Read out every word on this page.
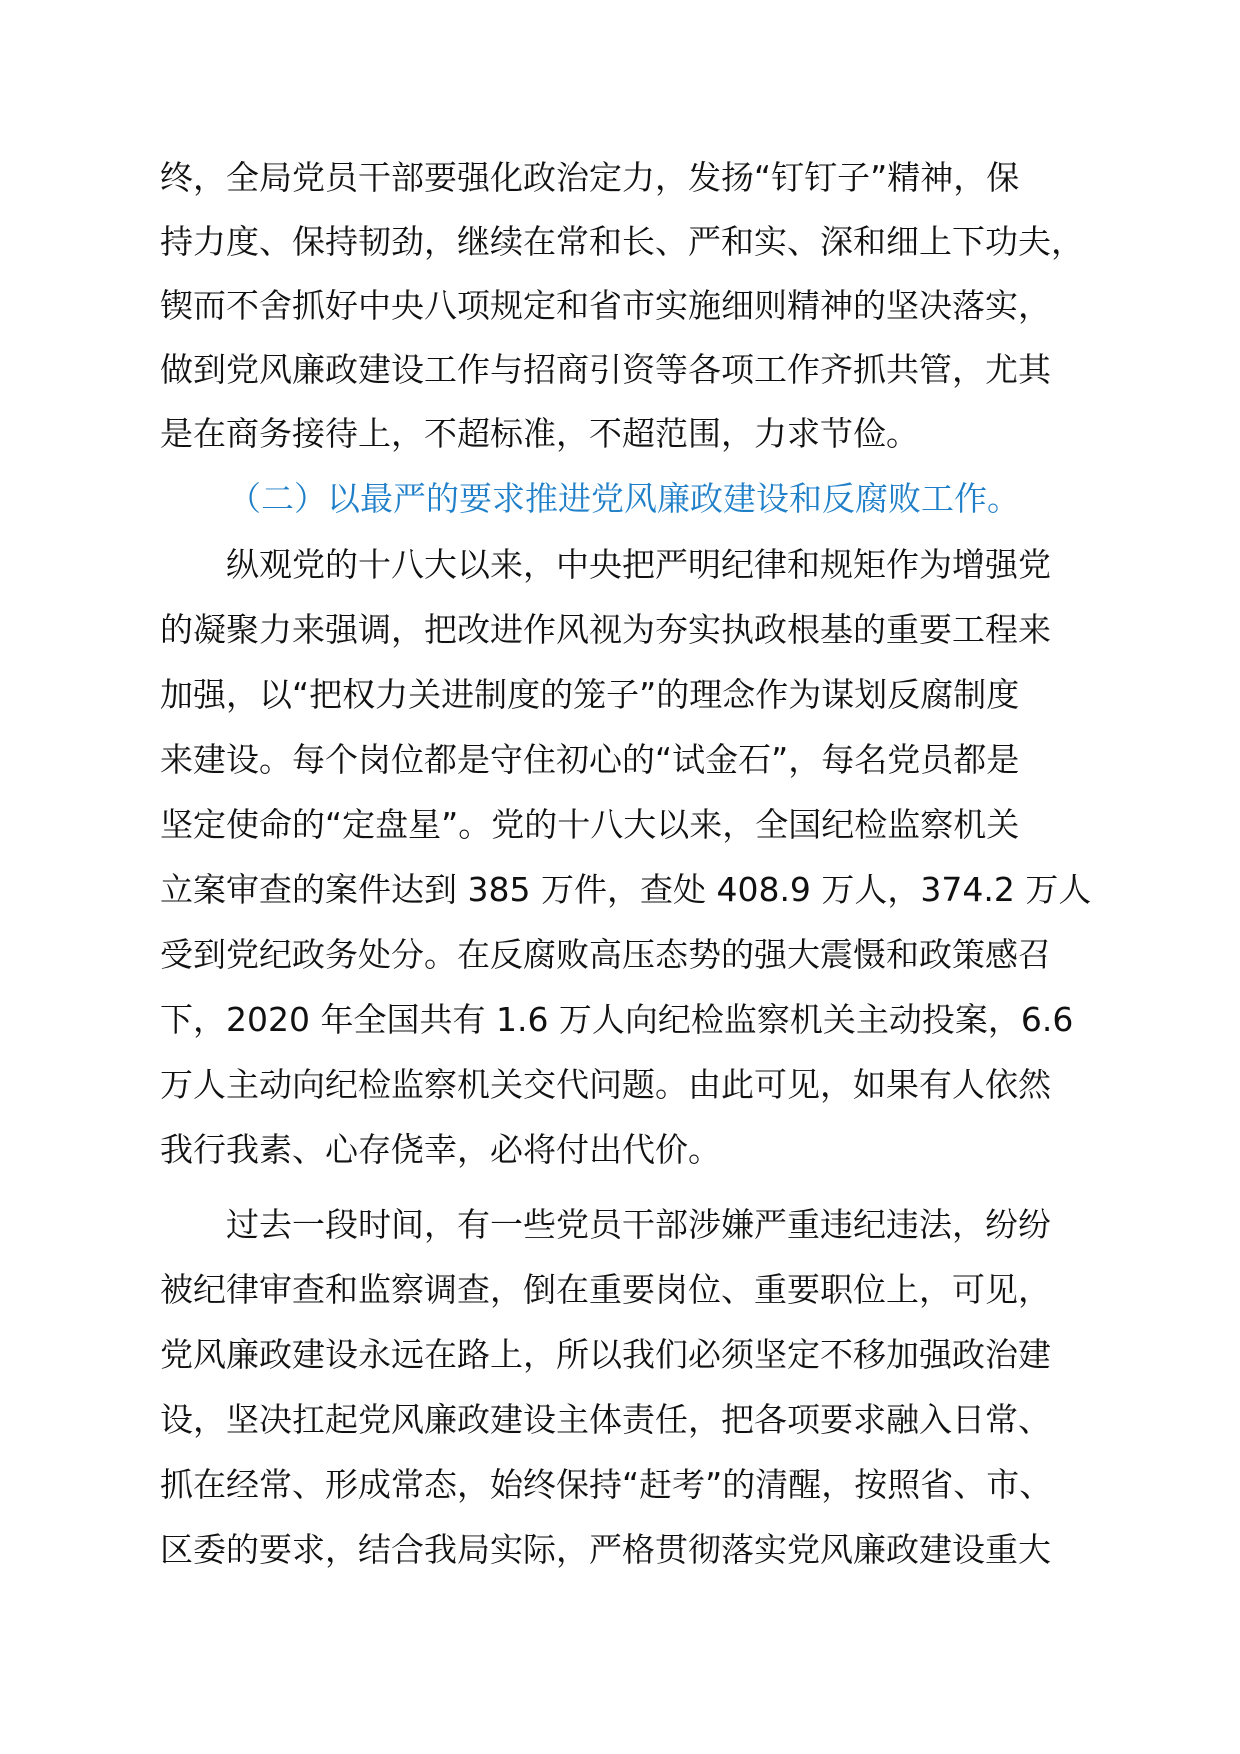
终，全局党员干部要强化政治定力，发扬“钉钉子”精神，保
持力度、保持韧劲，继续在常和长、严和实、深和细上下功夫，
锲而不舍抓好中央八项规定和省市实施细则精神的坚决落实，
做到党风廉政建设工作与招商引资等各项工作齐抓共管，尤其
是在商务接待上，不超标准，不超范围，力求节俭。
（二）以最严的要求推进党风廉政建设和反腐败工作。
纵观党的十八大以来，中央把严明纪律和规矩作为增强党
的凝聚力来强调，把改进作风视为夯实执政根基的重要工程来
加强，以“把权力关进制度的笼子”的理念作为谋划反腐制度
来建设。每个岗位都是守住初心的“试金石”，每名党员都是
坚定使命的“定盘星”。党的十八大以来，全国纪检监察机关
立案审查的案件达到 385 万件，查处 408.9 万人，374.2 万人
受到党纪政务处分。在反腐败高压态势的强大震慑和政策感召
下，2020 年全国共有 1.6 万人向纪检监察机关主动投案，6.6
万人主动向纪检监察机关交代问题。由此可见，如果有人依然
我行我素、心存侥幸，必将付出代价。
过去一段时间，有一些党员干部涉嫌严重违纪违法，纷纷
被纪律审查和监察调查，倒在重要岗位、重要职位上，可见，
党风廉政建设永远在路上，所以我们必须坚定不移加强政治建
设，坚决扛起党风廉政建设主体责任，把各项要求融入日常、
抓在经常、形成常态，始终保持“赶考”的清醒，按照省、市、
区委的要求，结合我局实际，严格贯彻落实党风廉政建设重大
